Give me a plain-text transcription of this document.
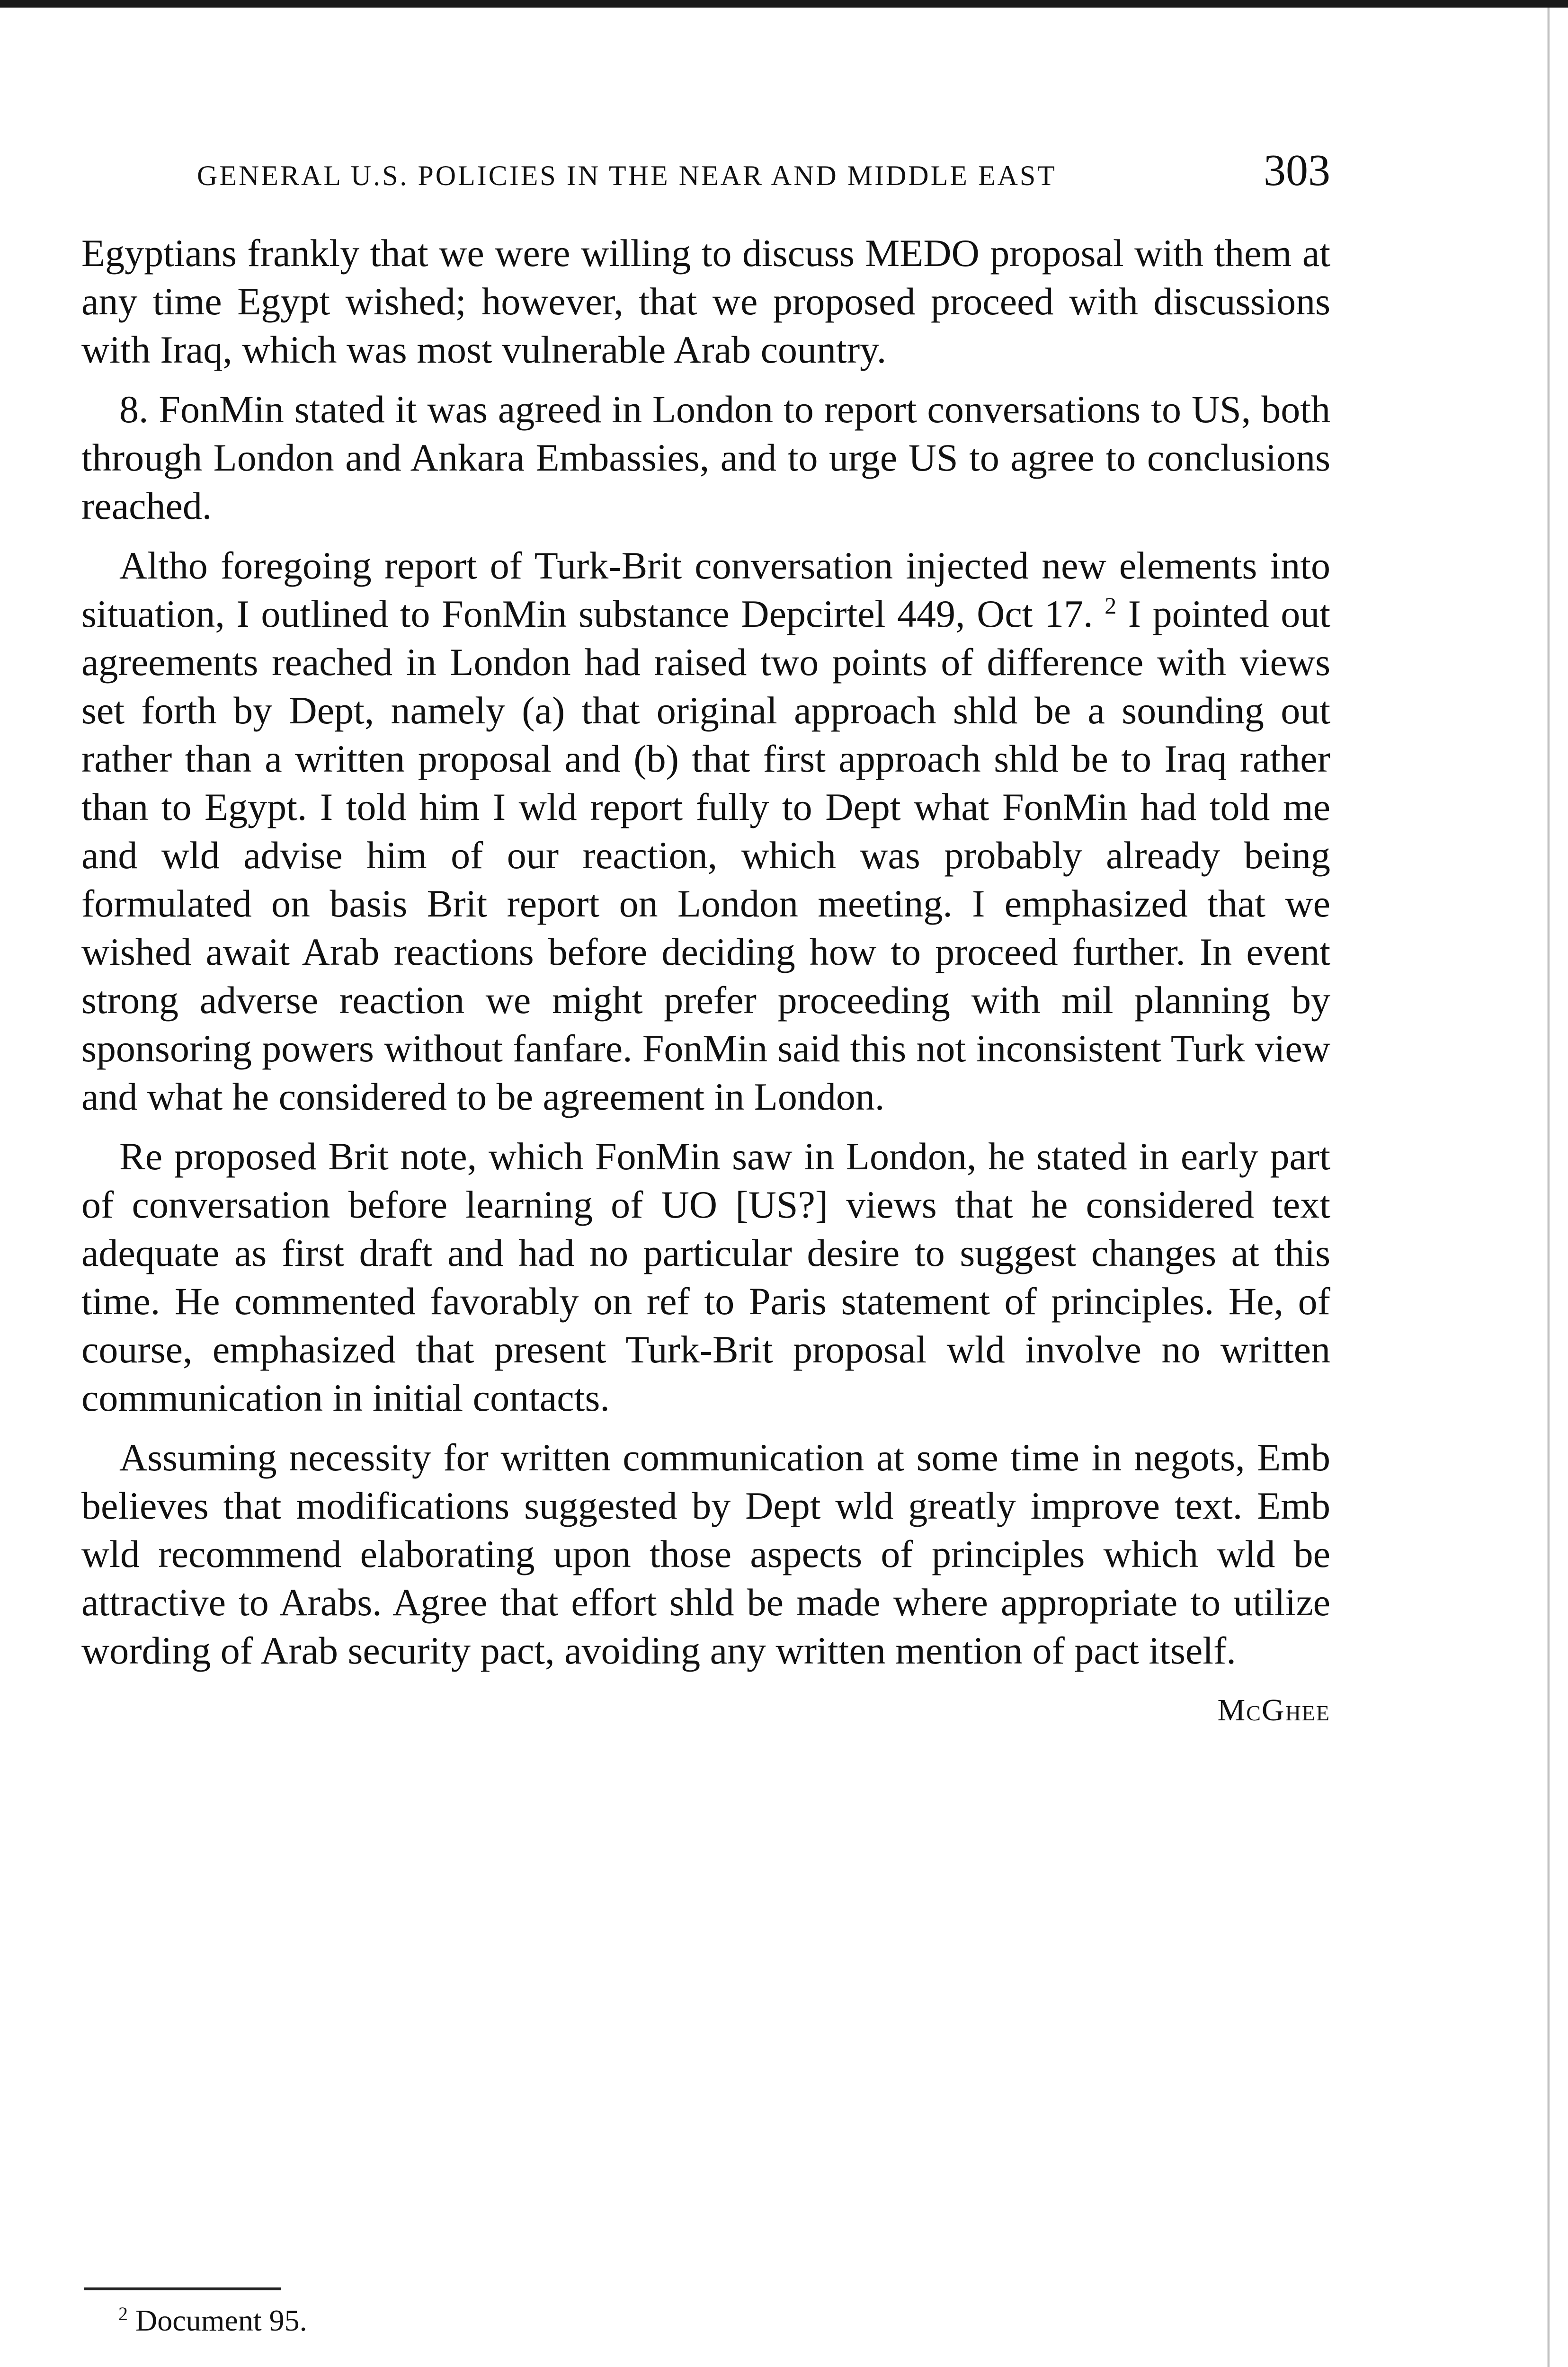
GENERAL U.S. POLICIES IN THE NEAR AND MIDDLE EAST	303

Egyptians frankly that we were willing to discuss MEDO proposal with them at any time Egypt wished; however, that we proposed proceed with discussions with Iraq, which was most vulnerable Arab country.

8. FonMin stated it was agreed in London to report conversations to US, both through London and Ankara Embassies, and to urge US to agree to conclusions reached.

Altho foregoing report of Turk-Brit conversation injected new elements into situation, I outlined to FonMin substance Depcirtel 449, Oct 17. $^2$ I pointed out agreements reached in London had raised two points of difference with views set forth by Dept, namely (a) that original approach shld be a sounding out rather than a written proposal and (b) that first approach shld be to Iraq rather than to Egypt. I told him I wld report fully to Dept what FonMin had told me and wld advise him of our reaction, which was probably already being formulated on basis Brit report on London meeting. I emphasized that we wished await Arab reactions before deciding how to proceed further. In event strong adverse reaction we might prefer proceeding with mil planning by sponsoring powers without fanfare. FonMin said this not inconsistent Turk view and what he considered to be agreement in London.

Re proposed Brit note, which FonMin saw in London, he stated in early part of conversation before learning of UO [US?] views that he considered text adequate as first draft and had no particular desire to suggest changes at this time. He commented favorably on ref to Paris statement of principles. He, of course, emphasized that present Turk-Brit proposal wld involve no written communication in initial contacts.

Assuming necessity for written communication at some time in negots, Emb believes that modifications suggested by Dept wld greatly improve text. Emb wld recommend elaborating upon those aspects of principles which wld be attractive to Arabs. Agree that effort shld be made where appropriate to utilize wording of Arab security pact, avoiding any written mention of pact itself.

McGhee

$^2$ Document 95.
